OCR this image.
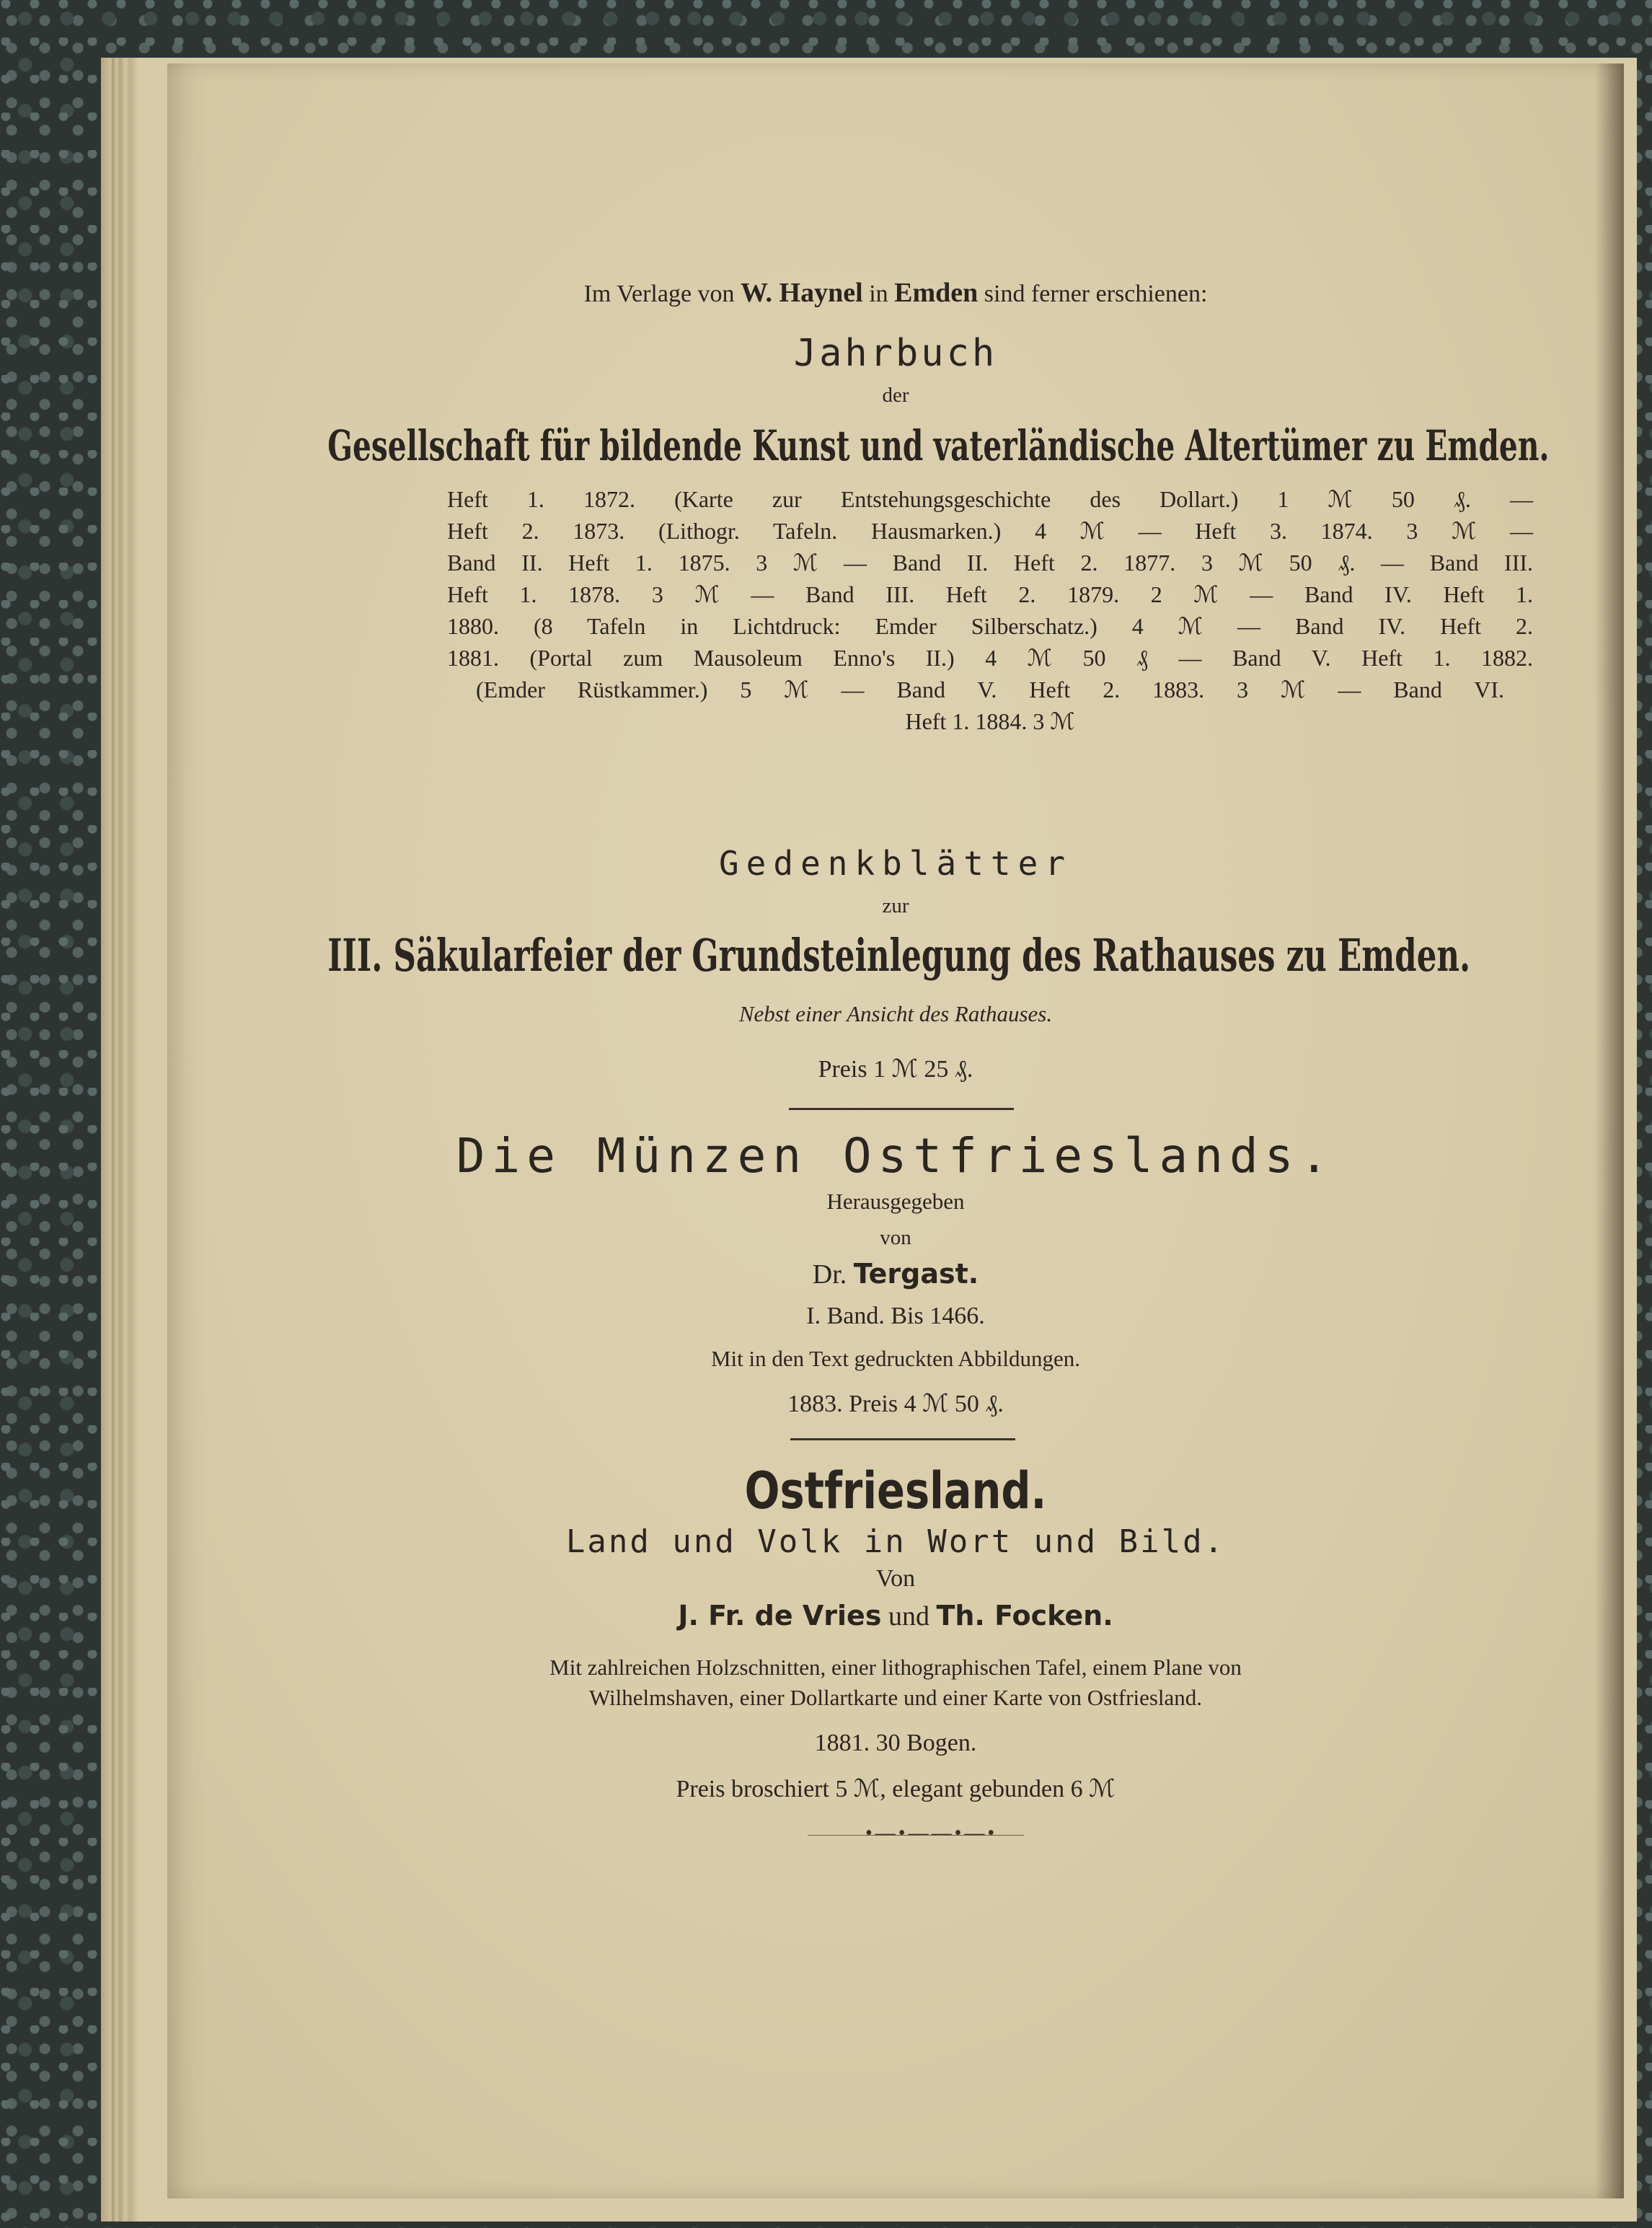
Im Verlage von W. Haynel in Emden sind ferner erschienen:
Jahrbuch
der
Gesellschaft für bildende Kunst und vaterländische Altertümer zu Emden.
Heft 1. 1872. (Karte zur Entstehungsgeschichte des Dollart.) 1 ℳ 50 ₰. —
Heft 2. 1873. (Lithogr. Tafeln. Hausmarken.) 4 ℳ — Heft 3. 1874. 3 ℳ —
Band II. Heft 1. 1875. 3 ℳ — Band II. Heft 2. 1877. 3 ℳ 50 ₰. — Band III.
Heft 1. 1878. 3 ℳ — Band III. Heft 2. 1879. 2 ℳ — Band IV. Heft 1.
1880. (8 Tafeln in Lichtdruck: Emder Silberschatz.) 4 ℳ — Band IV. Heft 2.
1881. (Portal zum Mausoleum Enno's II.) 4 ℳ 50 ₰ — Band V. Heft 1. 1882.
(Emder Rüstkammer.) 5 ℳ — Band V. Heft 2. 1883. 3 ℳ — Band VI.
Heft 1. 1884. 3 ℳ
Gedenkblätter
zur
III. Säkularfeier der Grundsteinlegung des Rathauses zu Emden.
Nebst einer Ansicht des Rathauses.
Preis 1 ℳ 25 ₰.
Die Münzen Ostfrieslands.
Herausgegeben
von
Dr. Tergast.
I. Band. Bis 1466.
Mit in den Text gedruckten Abbildungen.
1883. Preis 4 ℳ 50 ₰.
Ostfriesland.
Land und Volk in Wort und Bild.
Von
J. Fr. de Vries und Th. Focken.
Mit zahlreichen Holzschnitten, einer lithographischen Tafel, einem Plane von
Wilhelmshaven, einer Dollartkarte und einer Karte von Ostfriesland.
1881. 30 Bogen.
Preis broschiert 5 ℳ, elegant gebunden 6 ℳ
•—•——•—•
